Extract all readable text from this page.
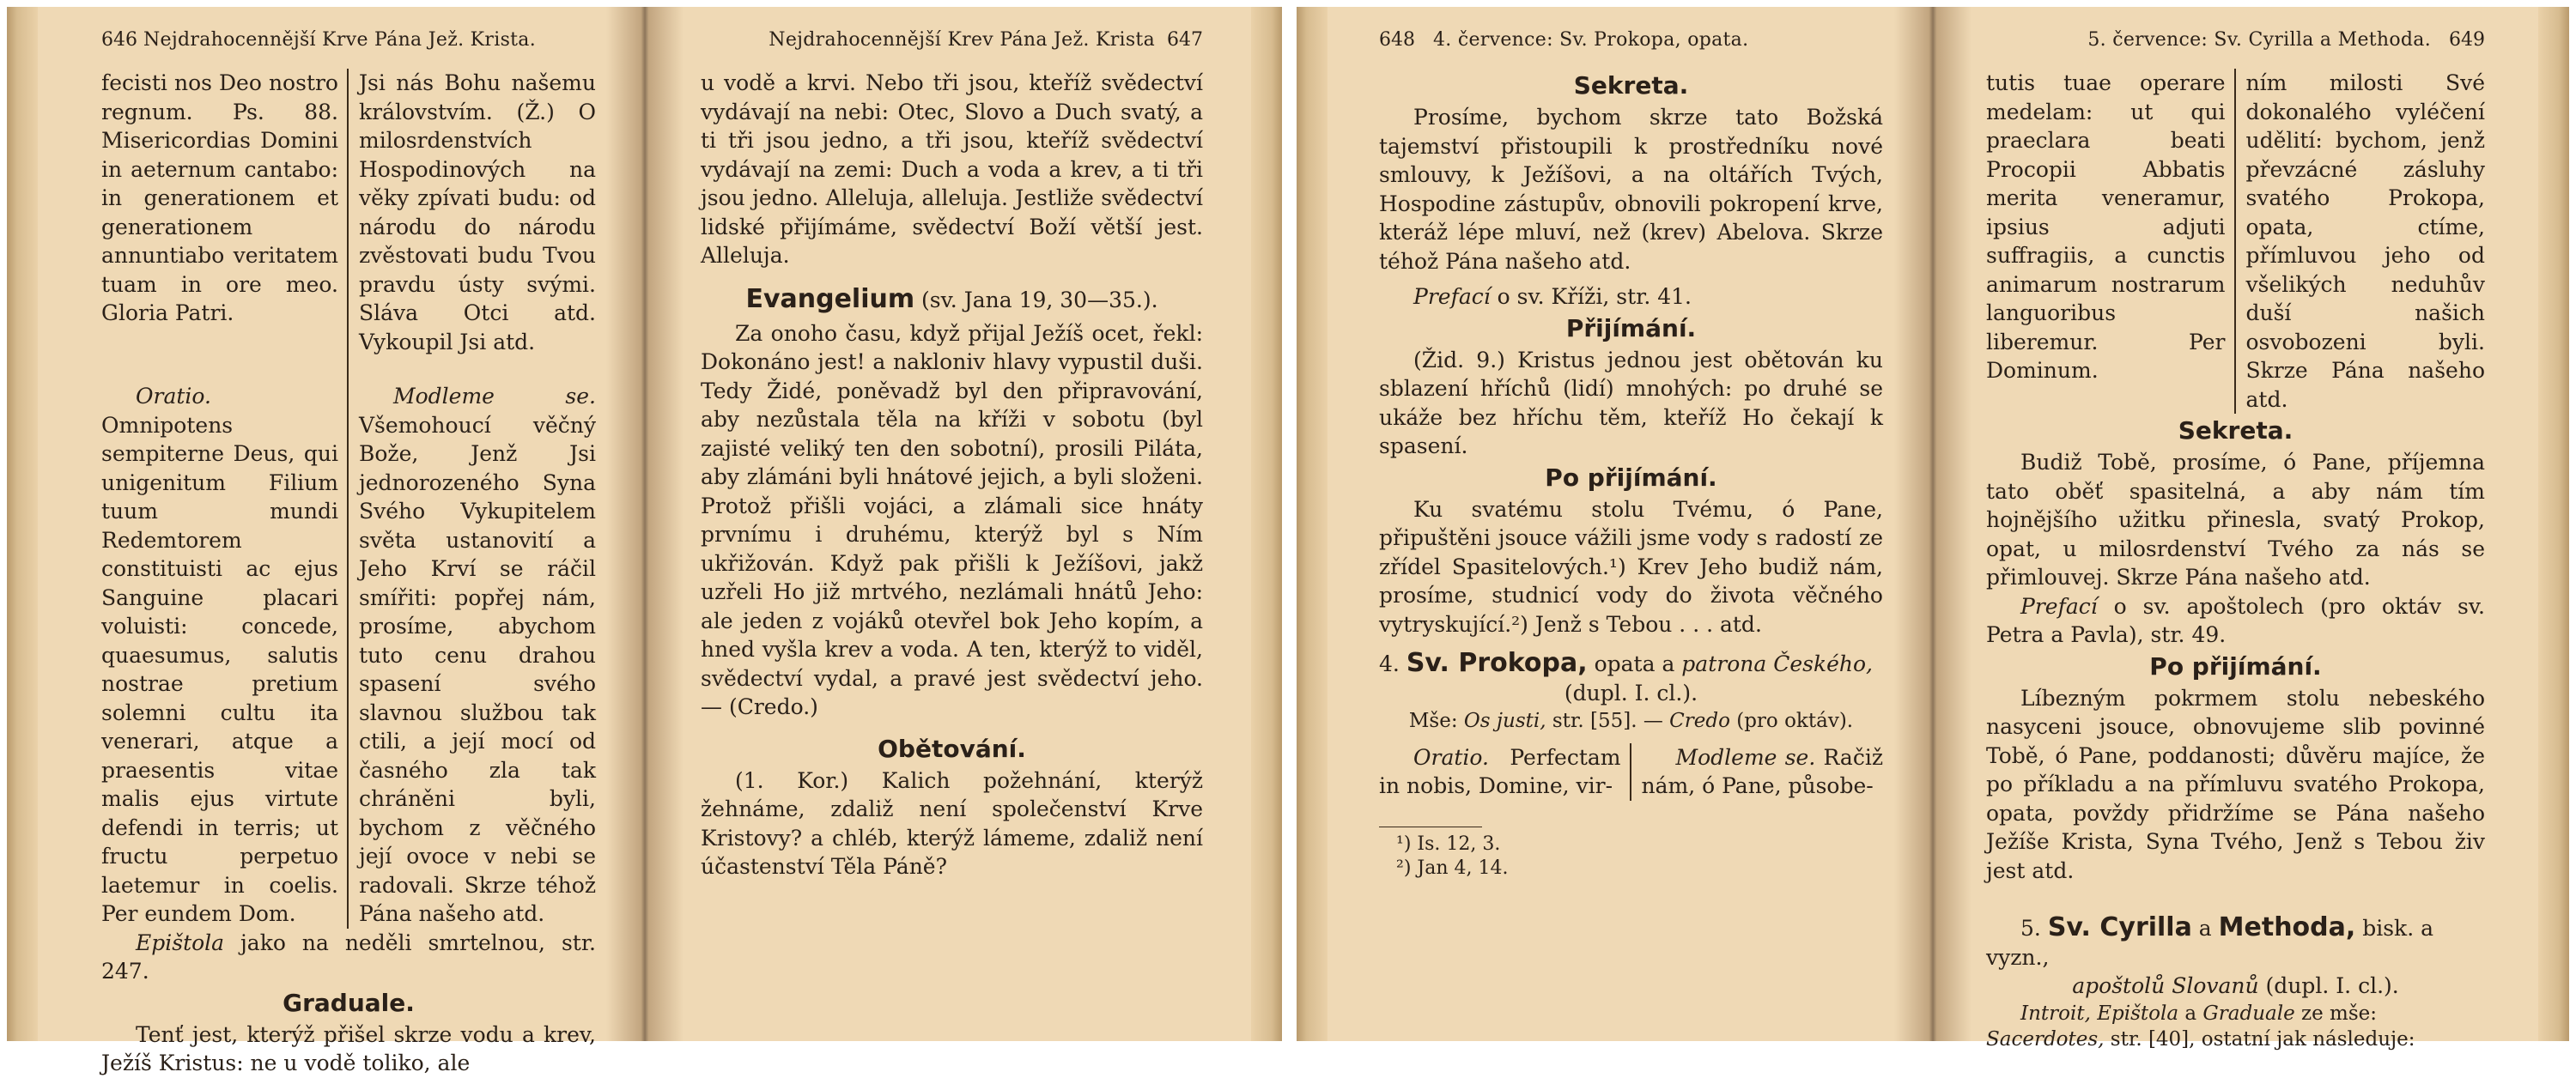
646 Nejdrahocennější Krve Pána Jež. Krista.
fecisti nos Deo nostro regnum. Ps. 88. Misericordias Domini in aeternum cantabo: in generationem et generationem annuntiabo veritatem tuam in ore meo. Gloria Patri.
Jsi nás Bohu našemu královstvím. (Ž.) O milosrdenstvích Hospodinových na věky zpívati budu: od národu do národu zvěstovati budu Tvou pravdu ústy svými. Sláva Otci atd. Vykoupil Jsi atd.
Oratio. Omnipotens sempiterne Deus, qui unigenitum Filium tuum mundi Redemtorem constituisti ac ejus Sanguine placari voluisti: concede, quaesumus, salutis nostrae pretium solemni cultu ita venerari, atque a praesentis vitae malis ejus virtute defendi in terris; ut fructu perpetuo laetemur in coelis. Per eundem Dom.
Modleme se. Všemohoucí věčný Bože, Jenž Jsi jednorozeného Syna Svého Vykupitelem světa ustanovití a Jeho Krví se ráčil smířiti: popřej nám, prosíme, abychom tuto cenu drahou spasení svého slavnou službou tak ctili, a její mocí od časného zla tak chráněni byli, bychom z věčného její ovoce v nebi se radovali. Skrze téhož Pána našeho atd.
Epištola jako na neděli smrtelnou, str. 247.
Graduale.
Tenť jest, kterýž přišel skrze vodu a krev, Ježíš Kristus: ne u vodě toliko, ale
Nejdrahocennější Krev Pána Jež. Krista 647
u vodě a krvi. Nebo tři jsou, kteříž svědectví vydávají na nebi: Otec, Slovo a Duch svatý, a ti tři jsou jedno, a tři jsou, kteříž svědectví vydávají na zemi: Duch a voda a krev, a ti tři jsou jedno. Alleluja, alleluja. Jestliže svědectví lidské přijímáme, svědectví Boží větší jest. Alleluja.
Evangelium (sv. Jana 19, 30—35.).
Za onoho času, když přijal Ježíš ocet, řekl: Dokonáno jest! a nakloniv hlavy vypustil duši. Tedy Židé, poněvadž byl den připravování, aby nezůstala těla na kříži v sobotu (byl zajisté veliký ten den sobotní), prosili Piláta, aby zlámáni byli hnátové jejich, a byli složeni. Protož přišli vojáci, a zlámali sice hnáty prvnímu i druhému, kterýž byl s Ním ukřižován. Když pak přišli k Ježíšovi, jakž uzřeli Ho již mrtvého, nezlámali hnátů Jeho: ale jeden z vojáků otevřel bok Jeho kopím, a hned vyšla krev a voda. A ten, kterýž to viděl, svědectví vydal, a pravé jest svědectví jeho. — (Credo.)
Obětování.
(1. Kor.) Kalich požehnání, kterýž žehnáme, zdaliž není společenství Krve Kristovy? a chléb, kterýž lámeme, zdaliž není účastenství Těla Páně?
648 4. července: Sv. Prokopa, opata.
Sekreta.
Prosíme, bychom skrze tato Božská tajemství přistoupili k prostředníku nové smlouvy, k Ježíšovi, a na oltářích Tvých, Hospodine zástupův, obnovili pokropení krve, kteráž lépe mluví, než (krev) Abelova. Skrze téhož Pána našeho atd.
Prefací o sv. Kříži, str. 41.
Přijímání.
(Žid. 9.) Kristus jednou jest obětován ku sblazení hříchů (lidí) mnohých: po druhé se ukáže bez hříchu těm, kteříž Ho čekají k spasení.
Po přijímání.
Ku svatému stolu Tvému, ó Pane, připuštěni jsouce vážili jsme vody s radostí ze zřídel Spasitelových.¹) Krev Jeho budiž nám, prosíme, studnicí vody do života věčného vytryskující.²) Jenž s Tebou . . . atd.
4. Sv. Prokopa, opata a patrona Českého,
(dupl. I. cl.).
Mše: Os justi, str. [55]. — Credo (pro oktáv).
Oratio. Perfectam in nobis, Domine, vir-
Modleme se. Račiž nám, ó Pane, působe-
¹) Is. 12, 3.
²) Jan 4, 14.
5. července: Sv. Cyrilla a Methoda. 649
tutis tuae operare medelam: ut qui praeclara beati Procopii Abbatis merita veneramur, ipsius adjuti suffragiis, a cunctis animarum nostrarum languoribus liberemur. Per Dominum.
ním milosti Své dokonalého vyléčení udělití: bychom, jenž převzácné zásluhy svatého Prokopa, opata, ctíme, přímluvou jeho od všelikých neduhův duší našich osvobozeni byli. Skrze Pána našeho atd.
Sekreta.
Budiž Tobě, prosíme, ó Pane, příjemna tato oběť spasitelná, a aby nám tím hojnějšího užitku přinesla, svatý Prokop, opat, u milosrdenství Tvého za nás se přimlouvej. Skrze Pána našeho atd.
Prefací o sv. apoštolech (pro oktáv sv. Petra a Pavla), str. 49.
Po přijímání.
Líbezným pokrmem stolu nebeského nasyceni jsouce, obnovujeme slib povinné Tobě, ó Pane, poddanosti; důvěru majíce, že po příkladu a na přímluvu svatého Prokopa, opata, povždy přidržíme se Pána našeho Ježíše Krista, Syna Tvého, Jenž s Tebou živ jest atd.
5. Sv. Cyrilla a Methoda, bisk. a vyzn.,
apoštolů Slovanů (dupl. I. cl.).
Introit, Epištola a Graduale ze mše: Sacerdotes, str. [40], ostatní jak následuje:
